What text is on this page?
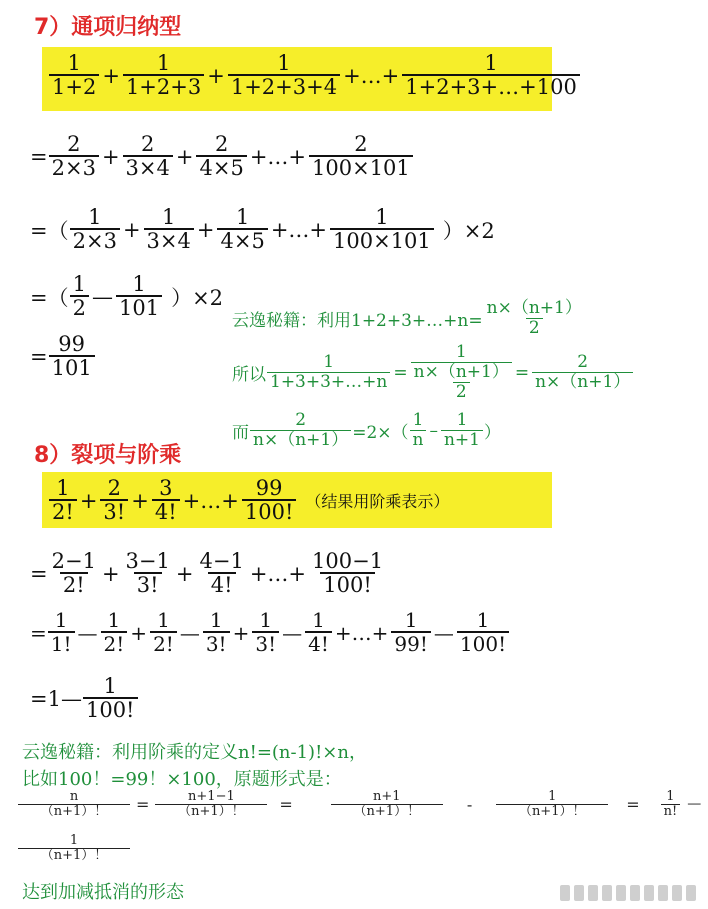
7）通项归纳型
$\frac{1}{1+2} + \frac{1}{1+2+3} + \frac{1}{1+2+3+4}$ +…+ $\frac{1}{1+2+3+\dots+100}$
= $\frac{2}{2\times 3} + \frac{2}{3\times 4} + \frac{2}{4\times 5}$ +…+ $\frac{2}{100\times 101}$
=（ $\frac{1}{2\times 3} + \frac{1}{3\times 4} + \frac{1}{4\times 5}$ +…+ $\frac{1}{100\times 101} )\times 2$
=（ $\frac{1}{2}$ — $\frac{1}{101} )\times 2$
= $\frac{99}{101}$
云逸秘籍：利用1+2+3+…+n= $\frac{n\times(n+1)}{2}$
所以 $\frac{1}{1+3+3+\dots+n} = 1$
n×（n+1）
$2 = \frac{2}{n\times(n+1)}$
而 $\frac{2}{n\times(n+1)} =2\times( \frac{1}{n} - \frac{1}{n+1}$ ）
8）裂项与阶乘
$\frac{1}{2!} + \frac{2}{3!} + \frac{3}{4!}$ +…+ $\frac{99}{100!}$ （结果用阶乘表示）
= $\frac{2-1}{2!} + \frac{3-1}{3!} + \frac{4-1}{4!}$ +…+ $\frac{100-1}{100!}$
= $\frac{1}{1!}$ — $\frac{1}{2!} + \frac{1}{2!}$ — $\frac{1}{3!} + \frac{1}{3!}$ — $\frac{1}{4!}$ +…+ $\frac{1}{99!}$ — $\frac{1}{100!}$
=1— $\frac{1}{100!}$
云逸秘籍：利用阶乘的定义n!=(n-1)!×n，
比如100！=99！×100，原题形式是：
$\frac{n}{(n+1)!} = \frac{n+1-1}{(n+1)!}$ =	$\frac{n+1}{(n+1)!} - \frac{1}{(n+1)!} = \frac{1}{n!}$ —
$\frac{1}{(n+1)!}$
达到加减抵消的形态
